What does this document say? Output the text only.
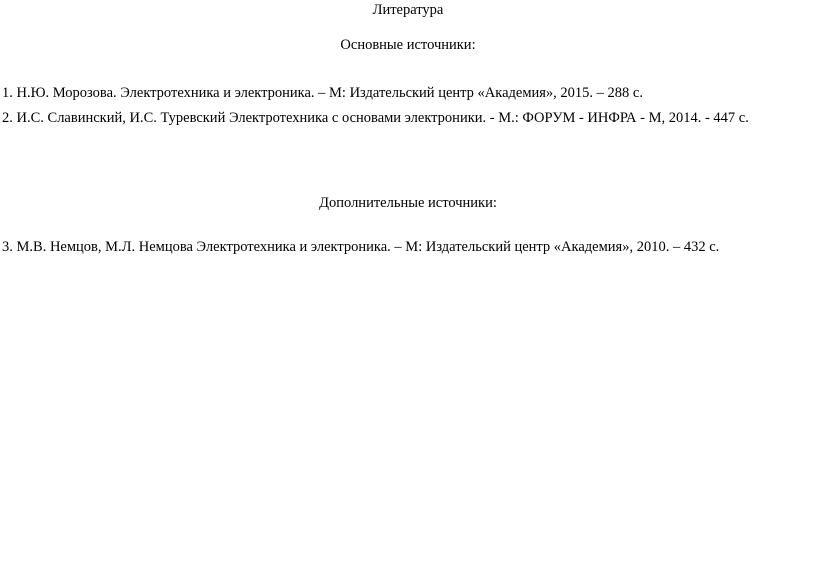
Литература
Основные источники:
1. Н.Ю. Морозова. Электротехника и электроника. – М: Издательский центр «Академия», 2015. – 288 с.
2. И.С. Славинский, И.С. Туревский Электротехника с основами электроники. - М.: ФОРУМ - ИНФРА - М, 2014. - 447 с.
Дополнительные источники:
3. М.В. Немцов, М.Л. Немцова Электротехника и электроника. – М: Издательский центр «Академия», 2010. – 432 с.
